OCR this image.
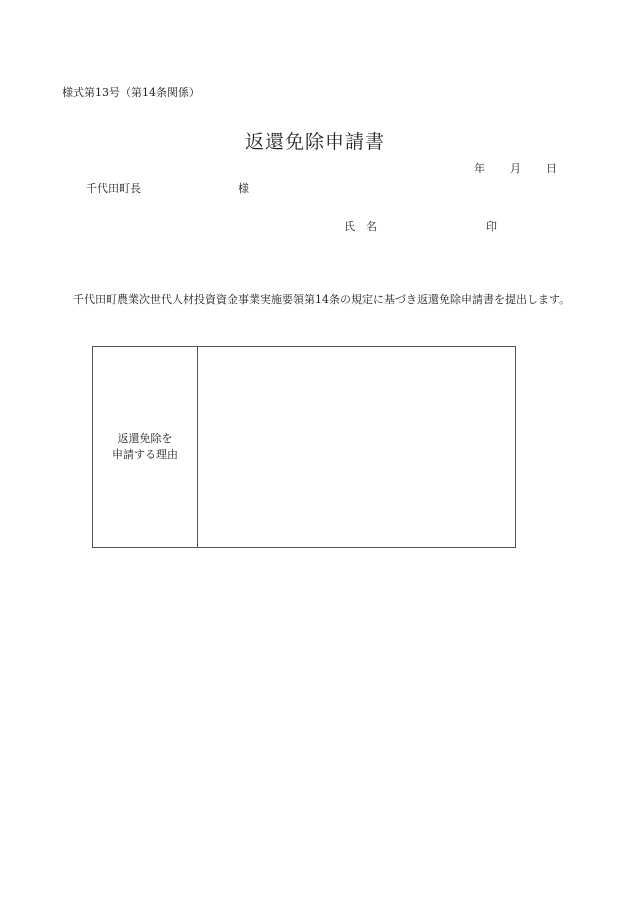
様式第13号（第14条関係）
返還免除申請書
年 月 日
千代田町長	様
氏　名	印
千代田町農業次世代人材投資資金事業実施要領第14条の規定に基づき返還免除申請書を提出します。
返還免除を
申請する理由
